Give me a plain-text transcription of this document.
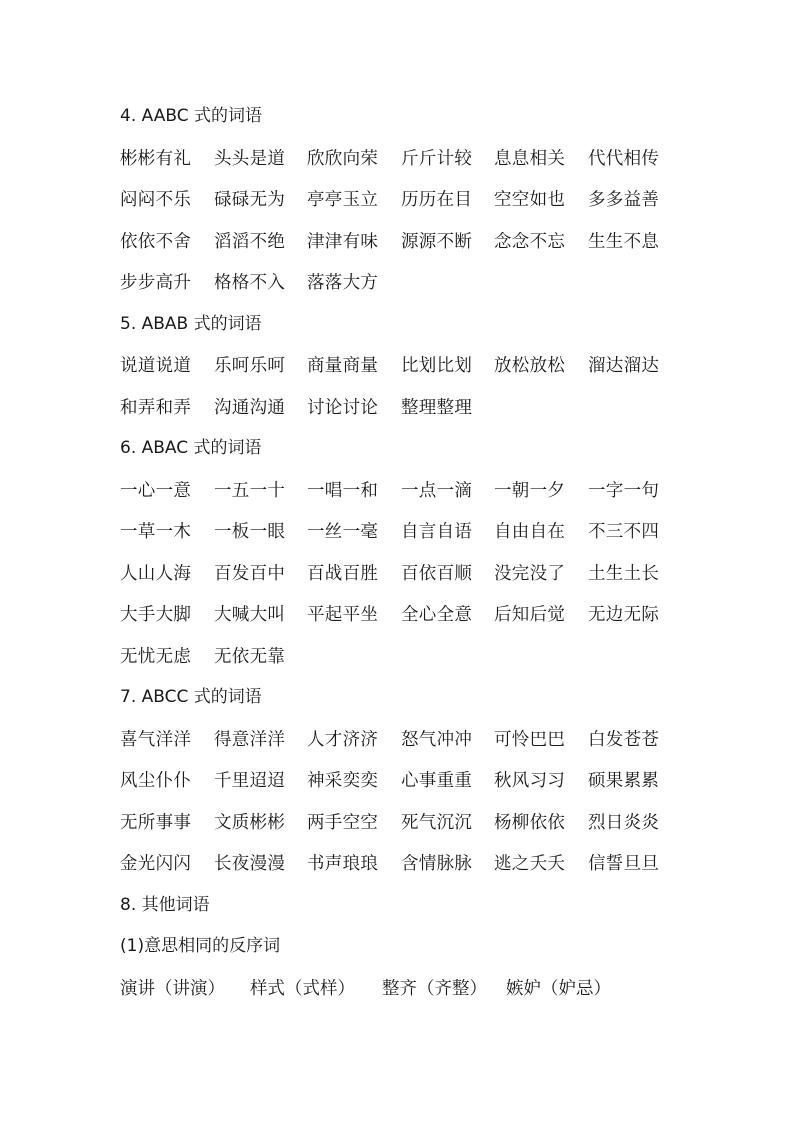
4. AABC 式的词语
彬彬有礼 头头是道 欣欣向荣 斤斤计较 息息相关 代代相传
闷闷不乐 碌碌无为 亭亭玉立 历历在目 空空如也 多多益善
依依不舍 滔滔不绝 津津有味 源源不断 念念不忘 生生不息
步步高升 格格不入 落落大方
5. ABAB 式的词语
说道说道 乐呵乐呵 商量商量 比划比划 放松放松 溜达溜达
和弄和弄 沟通沟通 讨论讨论 整理整理
6. ABAC 式的词语
一心一意 一五一十 一唱一和 一点一滴 一朝一夕 一字一句
一草一木 一板一眼 一丝一毫 自言自语 自由自在 不三不四
人山人海 百发百中 百战百胜 百依百顺 没完没了 土生土长
大手大脚 大喊大叫 平起平坐 全心全意 后知后觉 无边无际
无忧无虑 无依无靠
7. ABCC 式的词语
喜气洋洋 得意洋洋 人才济济 怒气冲冲 可怜巴巴 白发苍苍
风尘仆仆 千里迢迢 神采奕奕 心事重重 秋风习习 硕果累累
无所事事 文质彬彬 两手空空 死气沉沉 杨柳依依 烈日炎炎
金光闪闪 长夜漫漫 书声琅琅 含情脉脉 逃之夭夭 信誓旦旦
8. 其他词语
(1)意思相同的反序词
演讲（讲演） 样式（式样） 整齐（齐整） 嫉妒（妒忌）
